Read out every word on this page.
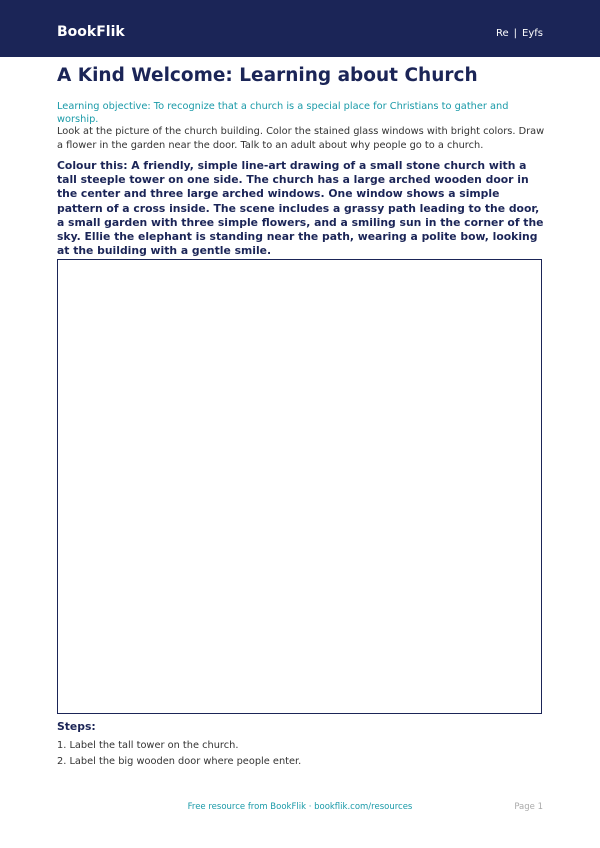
BookFlik	Re | Eyfs
A Kind Welcome: Learning about Church
Learning objective: To recognize that a church is a special place for Christians to gather and worship.
Look at the picture of the church building. Color the stained glass windows with bright colors. Draw a flower in the garden near the door. Talk to an adult about why people go to a church.
Colour this: A friendly, simple line-art drawing of a small stone church with a tall steeple tower on one side. The church has a large arched wooden door in the center and three large arched windows. One window shows a simple pattern of a cross inside. The scene includes a grassy path leading to the door, a small garden with three simple flowers, and a smiling sun in the corner of the sky. Ellie the elephant is standing near the path, wearing a polite bow, looking at the building with a gentle smile.
Steps:
1. Label the tall tower on the church.
2. Label the big wooden door where people enter.
Free resource from BookFlik · bookflik.com/resources	Page 1
